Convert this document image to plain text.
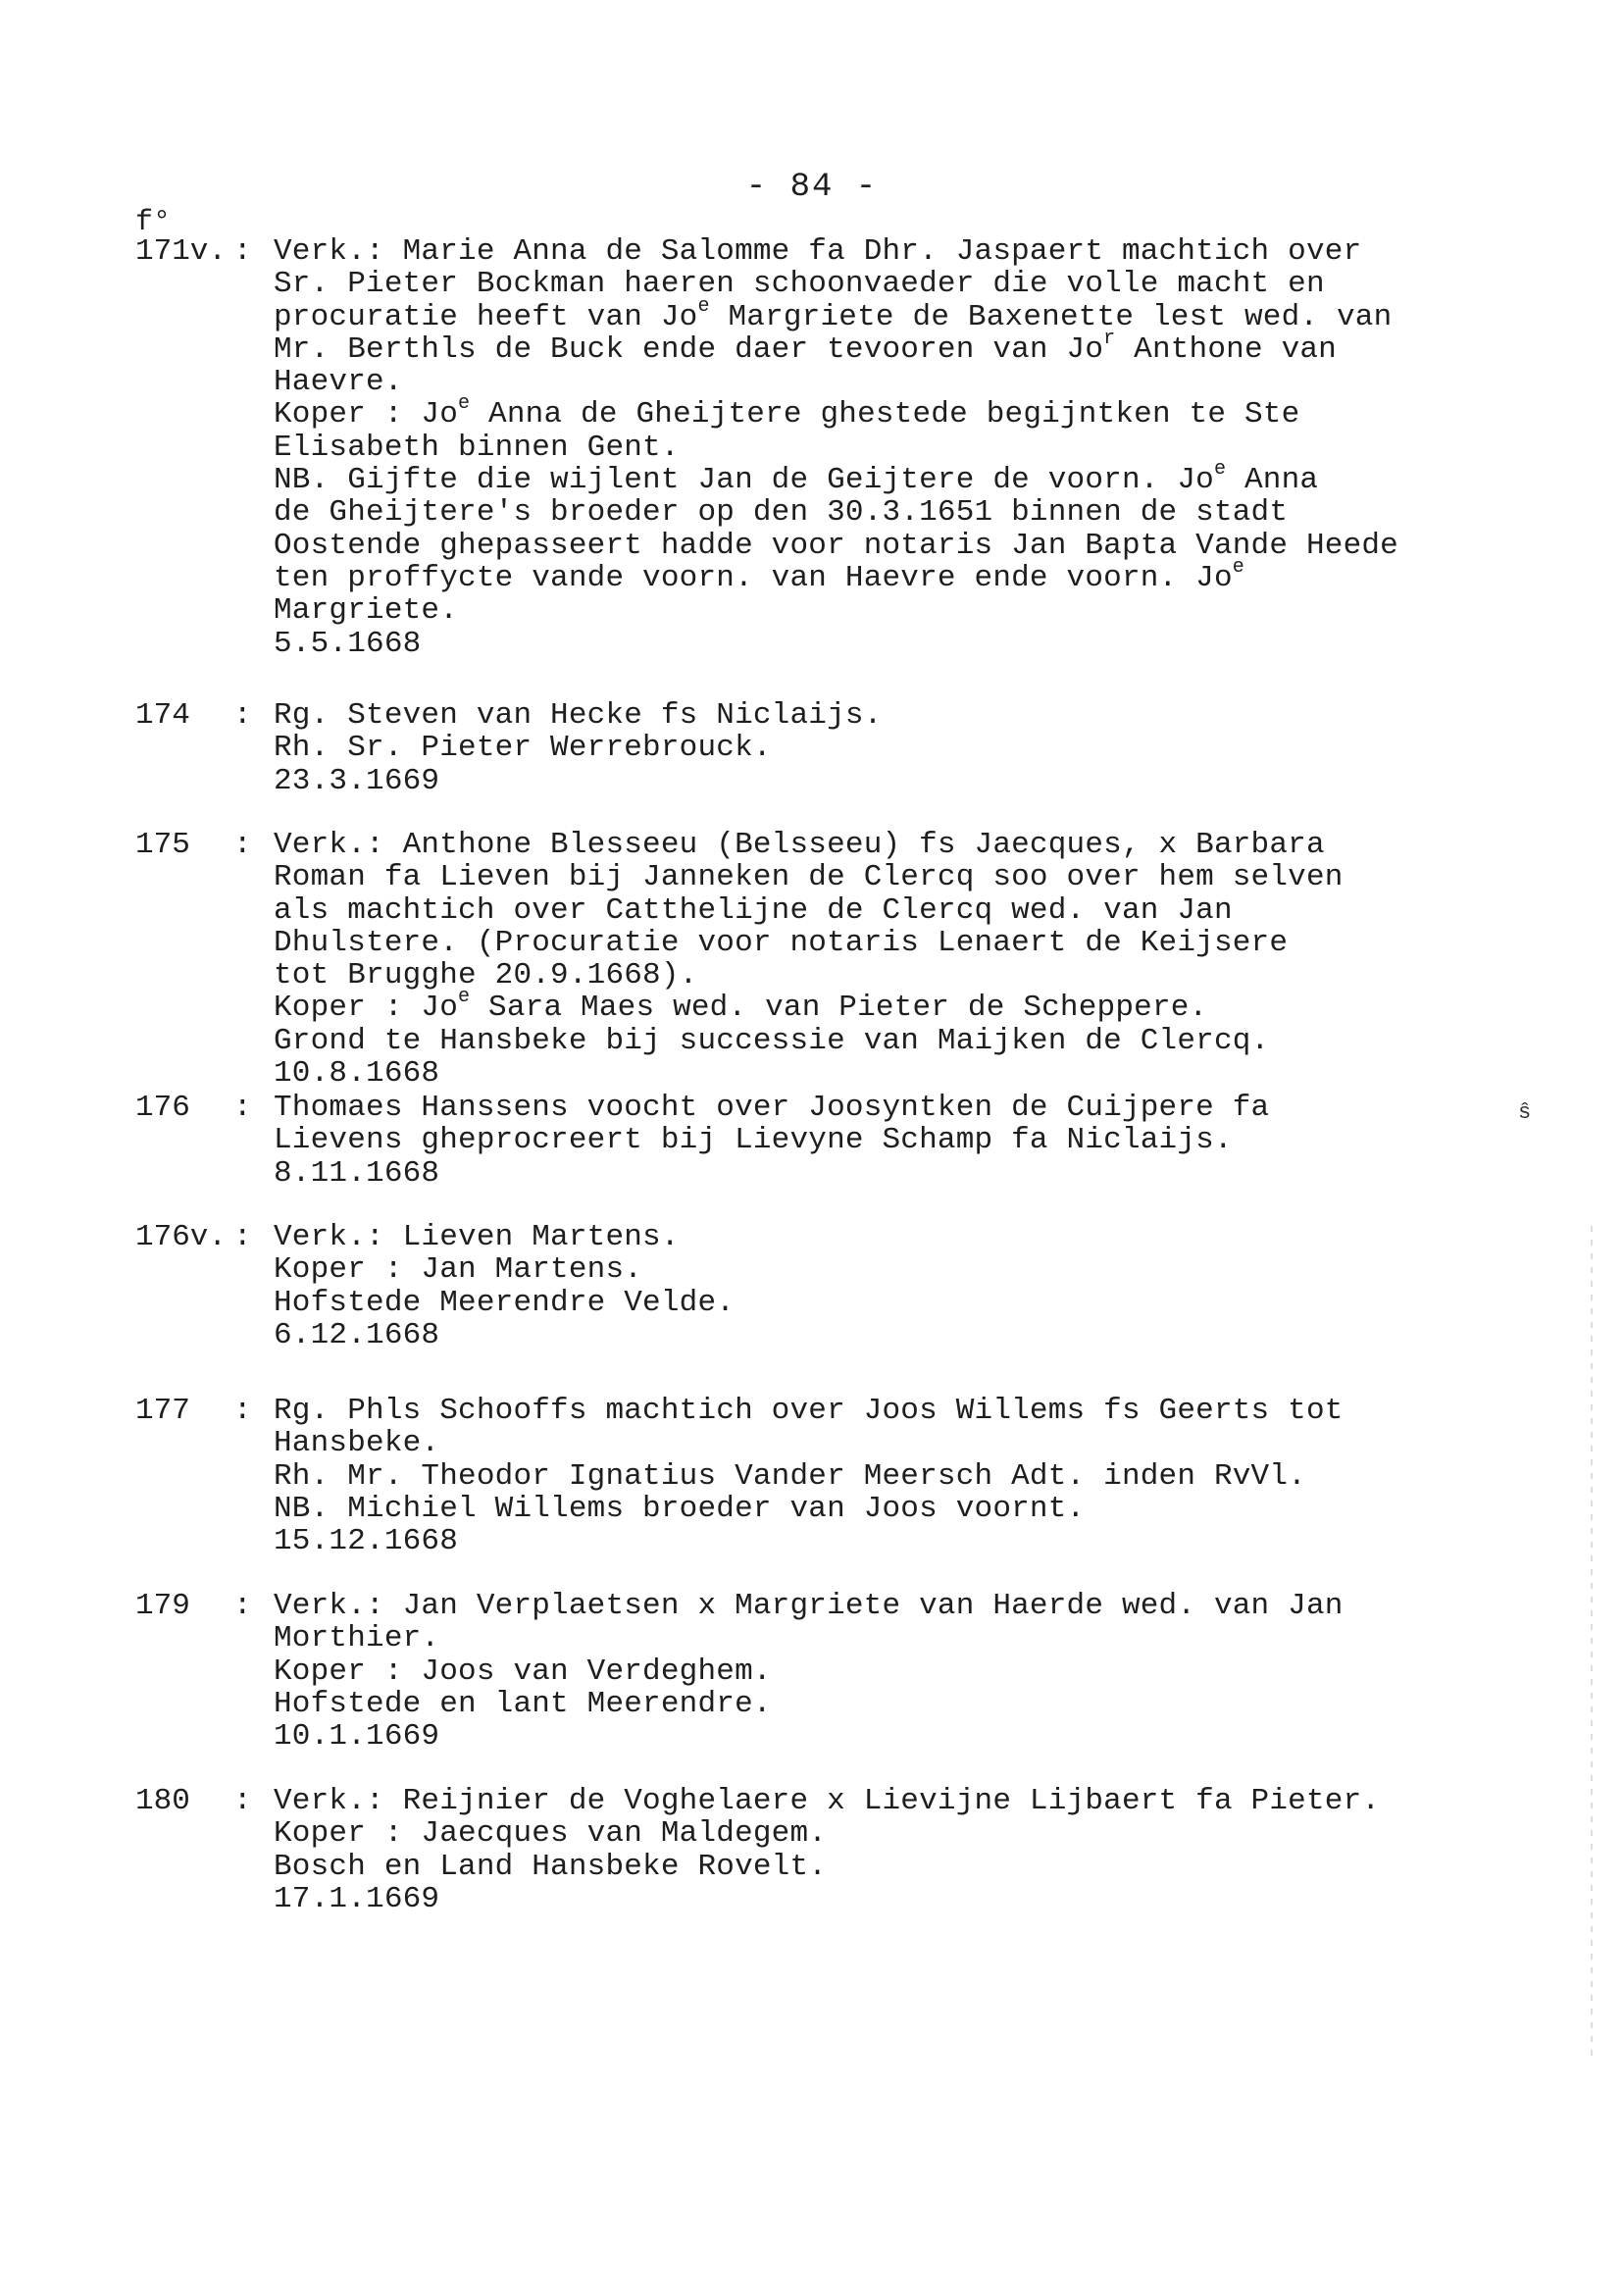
- 84 -
f°
171v. : Verk.: Marie Anna de Salomme fa Dhr. Jaspaert machtich over
Sr. Pieter Bockman haeren schoonvaeder die volle macht en
procuratie heeft van Jo$^e$ Margriete de Baxenette lest wed. van
Mr. Berthls de Buck ende daer tevooren van Jo$^r$ Anthone van
Haevre.
Koper : Jo$^e$ Anna de Gheijtere ghestede begijntken te Ste
Elisabeth binnen Gent.
NB. Gijfte die wijlent Jan de Geijtere de voorn. Jo$^e$ Anna
de Gheijtere's broeder op den 30.3.1651 binnen de stadt
Oostende ghepasseert hadde voor notaris Jan Bapta Vande Heede
ten proffycte vande voorn. van Haevre ende voorn. Jo$^e$
Margriete.
5.5.1668
174 : Rg. Steven van Hecke fs Niclaijs.
Rh. Sr. Pieter Werrebrouck.
23.3.1669
175 : Verk.: Anthone Blesseeu (Belsseeu) fs Jaecques, x Barbara
Roman fa Lieven bij Janneken de Clercq soo over hem selven
als machtich over Catthelijne de Clercq wed. van Jan
Dhulstere. (Procuratie voor notaris Lenaert de Keijsere
tot Brugghe 20.9.1668).
Koper : Jo$^e$ Sara Maes wed. van Pieter de Scheppere.
Grond te Hansbeke bij successie van Maijken de Clercq.
10.8.1668
176 : Thomaes Hanssens voocht over Joosyntken de Cuijpere fa
Lievens gheprocreert bij Lievyne Schamp fa Niclaijs.
8.11.1668
176v. : Verk.: Lieven Martens.
Koper : Jan Martens.
Hofstede Meerendre Velde.
6.12.1668
177 : Rg. Phls Schooffs machtich over Joos Willems fs Geerts tot
Hansbeke.
Rh. Mr. Theodor Ignatius Vander Meersch Adt. inden RvVl.
NB. Michiel Willems broeder van Joos voornt.
15.12.1668
179 : Verk.: Jan Verplaetsen x Margriete van Haerde wed. van Jan
Morthier.
Koper : Joos van Verdeghem.
Hofstede en lant Meerendre.
10.1.1669
180 : Verk.: Reijnier de Voghelaere x Lievijne Lijbaert fa Pieter.
Koper : Jaecques van Maldegem.
Bosch en Land Hansbeke Rovelt.
17.1.1669
ŝ
